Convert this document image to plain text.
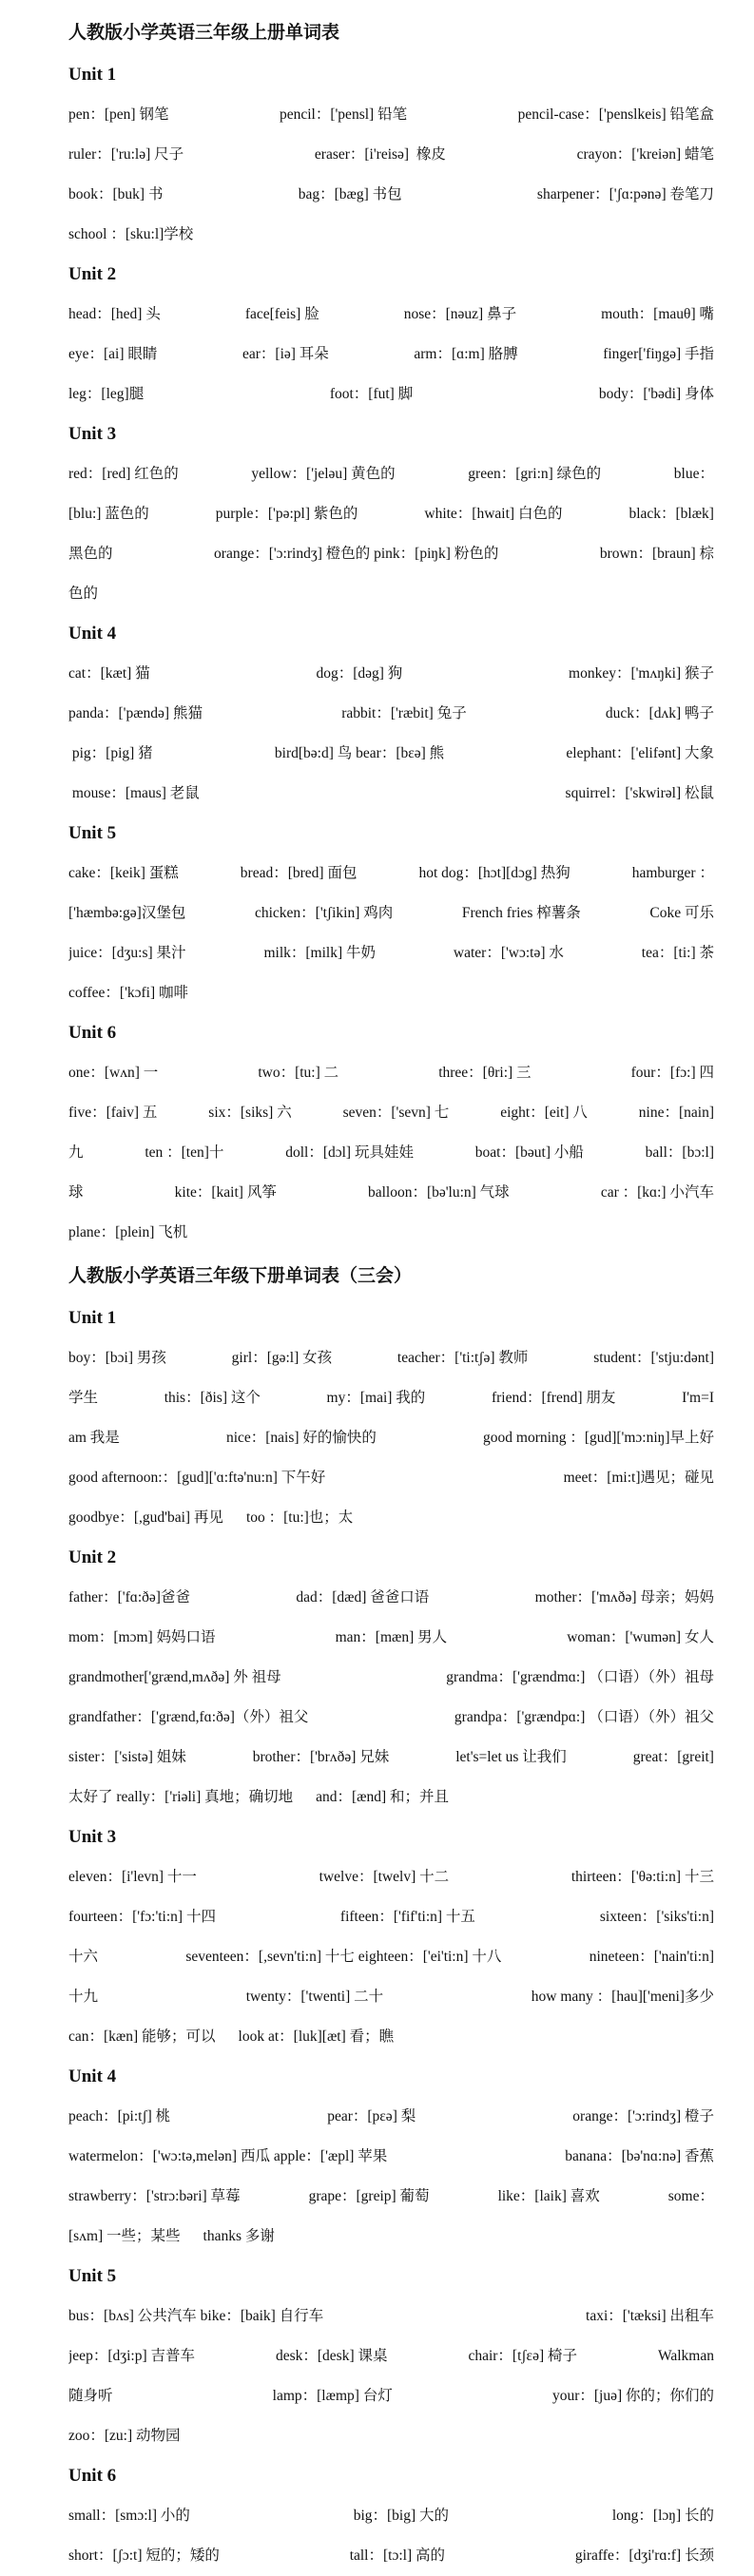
人教版小学英语三年级上册单词表
Unit 1
pen：[pen] 钢笔	pencil：['pensl] 铅笔	pencil-case：['penslkeis] 铅笔盒
ruler：['ru:lə] 尺子	eraser：[i'reisə]  橡皮	crayon：['kreiən] 蜡笔
book：[buk] 书	bag：[bæg] 书包	sharpener：['ʃɑ:pənə] 卷笔刀
school ：[sku:l]学校
Unit 2
head：[hed] 头	face[feis] 脸	nose：[nəuz] 鼻子	mouth：[mauθ] 嘴
eye：[ai] 眼睛	ear：[iə] 耳朵	arm：[ɑ:m] 胳膊	finger['fiŋgə] 手指
leg：[leg]腿	foot：[fut] 脚	body：['bədi] 身体
Unit 3
red：[red] 红色的	yellow：['jeləu] 黄色的	green：[gri:n] 绿色的	blue：
[blu:] 蓝色的	purple：['pə:pl] 紫色的	white：[hwait] 白色的	black：[blæk]
黑色的	orange：['ɔ:rindʒ] 橙色的 pink：[piŋk] 粉色的	brown：[braun] 棕
色的
Unit 4
cat：[kæt] 猫	dog：[dəg] 狗	monkey：['mʌŋki] 猴子
panda：['pændə] 熊猫	rabbit：['ræbit] 兔子	duck：[dʌk] 鸭子
pig：[pig] 猪	bird[bə:d] 鸟 bear：[bɛə] 熊	elephant：['elifənt] 大象
mouse：[maus] 老鼠	squirrel：['skwirəl] 松鼠
Unit 5
cake：[keik] 蛋糕	bread：[bred] 面包	hot dog：[hɔt][dɔg] 热狗	hamburger ：
['hæmbə:gə]汉堡包	chicken：['tʃikin] 鸡肉	French fries 榨薯条	Coke 可乐
juice：[dʒu:s] 果汁	milk：[milk] 牛奶	water：['wɔ:tə] 水	tea：[ti:] 茶
coffee：['kɔfi] 咖啡
Unit 6
one：[wʌn] 一	two：[tu:] 二	three：[θri:] 三	four：[fɔ:] 四
five：[faiv] 五	six：[siks] 六	seven：['sevn] 七	eight：[eit] 八	nine：[nain]
九	ten ：[ten]十	doll：[dɔl] 玩具娃娃	boat：[bəut] 小船	ball：[bɔ:l]
球	kite：[kait] 风筝	balloon：[bə'lu:n] 气球	car ：[kɑ:] 小汽车
plane：[plein] 飞机
人教版小学英语三年级下册单词表（三会）
Unit 1
boy：[bɔi] 男孩	girl：[gə:l] 女孩	teacher：['ti:tʃə] 教师	student：['stju:dənt]
学生	this：[ðis] 这个	my：[mai] 我的	friend：[frend] 朋友	I'm=I
am 我是	nice：[nais] 好的愉快的	good morning ：[gud]['mɔ:niŋ]早上好
good afternoon:：[gud]['ɑ:ftə'nu:n] 下午好	meet：[mi:t]遇见；碰见
goodbye：[,gud'bai] 再见 too ：[tu:]也；太
Unit 2
father：['fɑ:ðə]爸爸	dad：[dæd] 爸爸口语	mother：['mʌðə] 母亲；妈妈
mom：[mɔm] 妈妈口语	man：[mæn] 男人	woman：['wumən] 女人
grandmother['grænd,mʌðə] 外 祖母	grandma：['grændmɑ:] （口语）（外）祖母
grandfather：['grænd,fɑ:ðə]（外）祖父	grandpa：['grændpɑ:] （口语）（外）祖父
sister：['sistə] 姐妹	brother：['brʌðə] 兄妹	let's=let us 让我们	great：[greit]
太好了 really：['riəli] 真地；确切地 and：[ænd] 和；并且
Unit 3
eleven：[i'levn] 十一	twelve：[twelv] 十二	thirteen：['θə:ti:n] 十三
fourteen：['fɔ:'ti:n] 十四	fifteen：['fif'ti:n] 十五	sixteen：['siks'ti:n]
十六	seventeen：[,sevn'ti:n] 十七 eighteen：['ei'ti:n] 十八	nineteen：['nain'ti:n]
十九	twenty：['twenti] 二十	how many ：[hau]['meni]多少
can：[kæn] 能够；可以 look at：[luk][æt] 看；瞧
Unit 4
peach：[pi:tʃ] 桃	pear：[pɛə] 梨	orange：['ɔ:rindʒ] 橙子
watermelon：['wɔ:tə,melən] 西瓜 apple：['æpl] 苹果	banana：[bə'nɑ:nə] 香蕉
strawberry：['strɔ:bəri] 草莓	grape：[greip] 葡萄	like：[laik] 喜欢	some：
[sʌm] 一些；某些 thanks 多谢
Unit 5
bus：[bʌs] 公共汽车 bike：[baik] 自行车	taxi：['tæksi] 出租车
jeep：[dʒi:p] 吉普车	desk：[desk] 课桌	chair：[tʃɛə] 椅子	Walkman
随身听	lamp：[læmp] 台灯	your：[juə] 你的；你们的
zoo：[zu:] 动物园
Unit 6
small：[smɔ:l] 小的	big：[big] 大的	long：[lɔŋ] 长的
short：[ʃɔ:t] 短的；矮的	tall：[tɔ:l] 高的	giraffe：[dʒi'rɑ:f] 长颈
